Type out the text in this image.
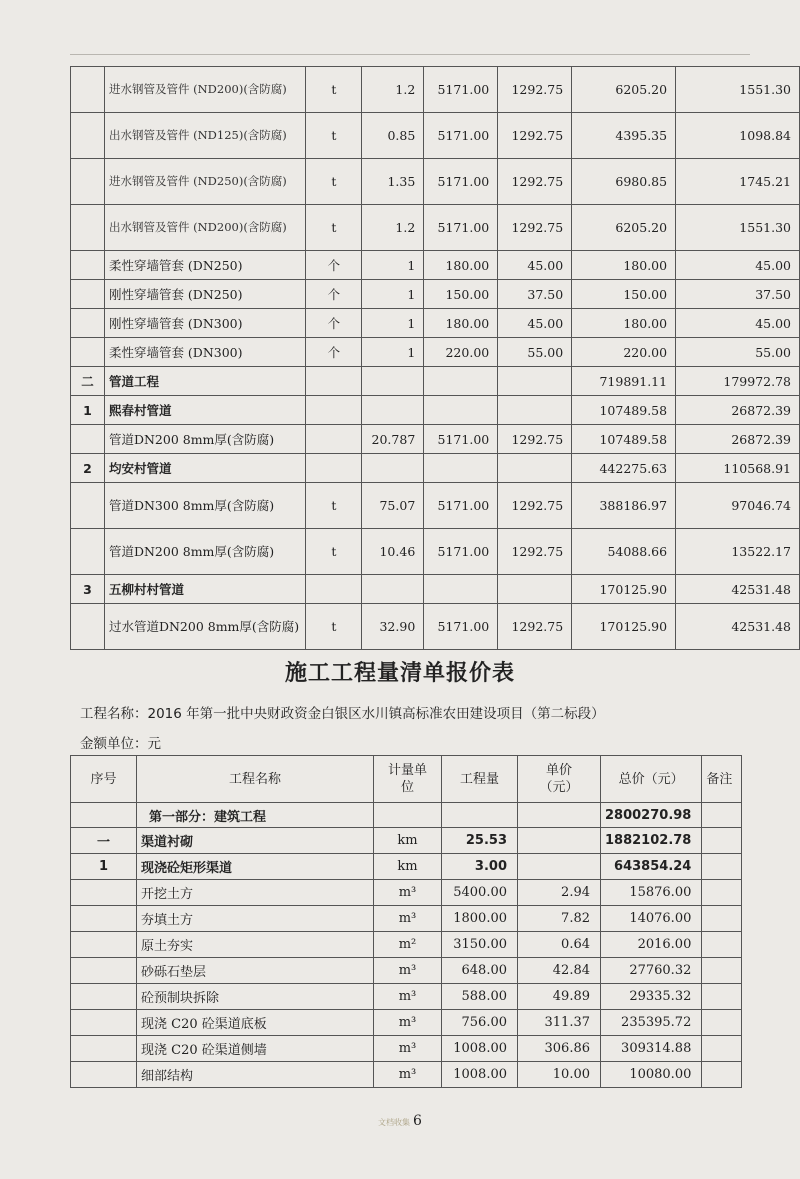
	进水钢管及管件 (ND200)(含防腐)	t	1.2	5171.00	1292.75	6205.20	1551.30
	出水钢管及管件 (ND125)(含防腐)	t	0.85	5171.00	1292.75	4395.35	1098.84
	进水钢管及管件 (ND250)(含防腐)	t	1.35	5171.00	1292.75	6980.85	1745.21
	出水钢管及管件 (ND200)(含防腐)	t	1.2	5171.00	1292.75	6205.20	1551.30
	柔性穿墙管套 (DN250)	个	1	180.00	45.00	180.00	45.00
	刚性穿墙管套 (DN250)	个	1	150.00	37.50	150.00	37.50
	刚性穿墙管套 (DN300)	个	1	180.00	45.00	180.00	45.00
	柔性穿墙管套 (DN300)	个	1	220.00	55.00	220.00	55.00
二	管道工程					719891.11	179972.78
1	熙春村管道					107489.58	26872.39
	管道DN200 8mm厚(含防腐)		20.787	5171.00	1292.75	107489.58	26872.39
2	均安村管道					442275.63	110568.91
	管道DN300 8mm厚(含防腐)	t	75.07	5171.00	1292.75	388186.97	97046.74
	管道DN200 8mm厚(含防腐)	t	10.46	5171.00	1292.75	54088.66	13522.17
3	五柳村村管道					170125.90	42531.48
	过水管道DN200 8mm厚(含防腐)	t	32.90	5171.00	1292.75	170125.90	42531.48
施工工程量清单报价表
工程名称：2016 年第一批中央财政资金白银区水川镇高标准农田建设项目（第二标段）
金额单位：元
序号	工程名称	计量单位	工程量	单价（元）	总价（元）	备注
	第一部分：建筑工程				2800270.98	
一	渠道衬砌	km	25.53		1882102.78	
1	现浇砼矩形渠道	km	3.00		643854.24	
	开挖土方	m³	5400.00	2.94	15876.00	
	夯填土方	m³	1800.00	7.82	14076.00	
	原土夯实	m²	3150.00	0.64	2016.00	
	砂砾石垫层	m³	648.00	42.84	27760.32	
	砼预制块拆除	m³	588.00	49.89	29335.32	
	现浇 C20 砼渠道底板	m³	756.00	311.37	235395.72	
	现浇 C20 砼渠道侧墙	m³	1008.00	306.86	309314.88	
	细部结构	m³	1008.00	10.00	10080.00	
文档收集 6
